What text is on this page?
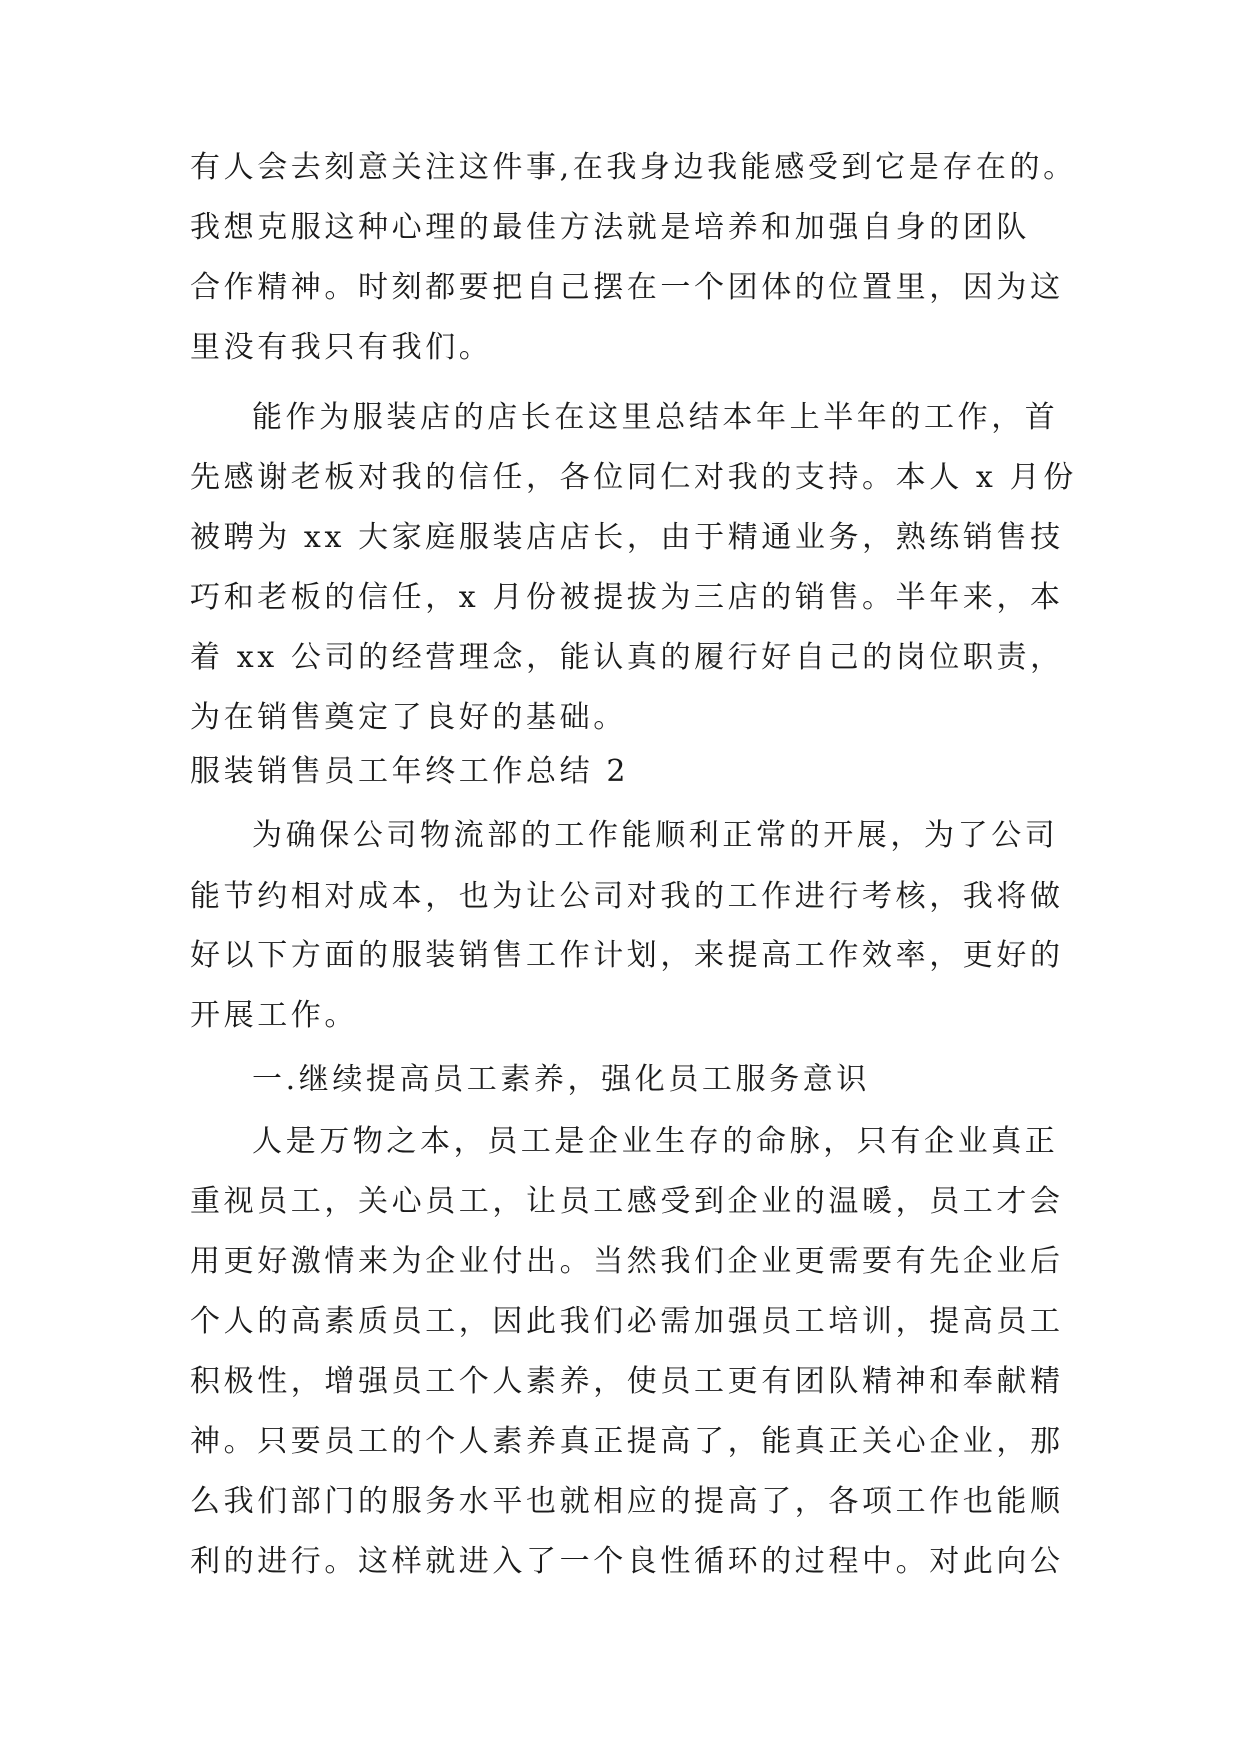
有人会去刻意关注这件事,在我身边我能感受到它是存在的。
我想克服这种心理的最佳方法就是培养和加强自身的团队
合作精神。时刻都要把自己摆在一个团体的位置里，因为这
里没有我只有我们。
能作为服装店的店长在这里总结本年上半年的工作，首
先感谢老板对我的信任，各位同仁对我的支持。本人 x 月份
被聘为 xx 大家庭服装店店长，由于精通业务，熟练销售技
巧和老板的信任，x 月份被提拔为三店的销售。半年来，本
着 xx 公司的经营理念，能认真的履行好自己的岗位职责，
为在销售奠定了良好的基础。
服装销售员工年终工作总结 2
为确保公司物流部的工作能顺利正常的开展，为了公司
能节约相对成本，也为让公司对我的工作进行考核，我将做
好以下方面的服装销售工作计划，来提高工作效率，更好的
开展工作。
一.继续提高员工素养，强化员工服务意识
人是万物之本，员工是企业生存的命脉，只有企业真正
重视员工，关心员工，让员工感受到企业的温暖，员工才会
用更好激情来为企业付出。当然我们企业更需要有先企业后
个人的高素质员工，因此我们必需加强员工培训，提高员工
积极性，增强员工个人素养，使员工更有团队精神和奉献精
神。只要员工的个人素养真正提高了，能真正关心企业，那
么我们部门的服务水平也就相应的提高了，各项工作也能顺
利的进行。这样就进入了一个良性循环的过程中。对此向公
